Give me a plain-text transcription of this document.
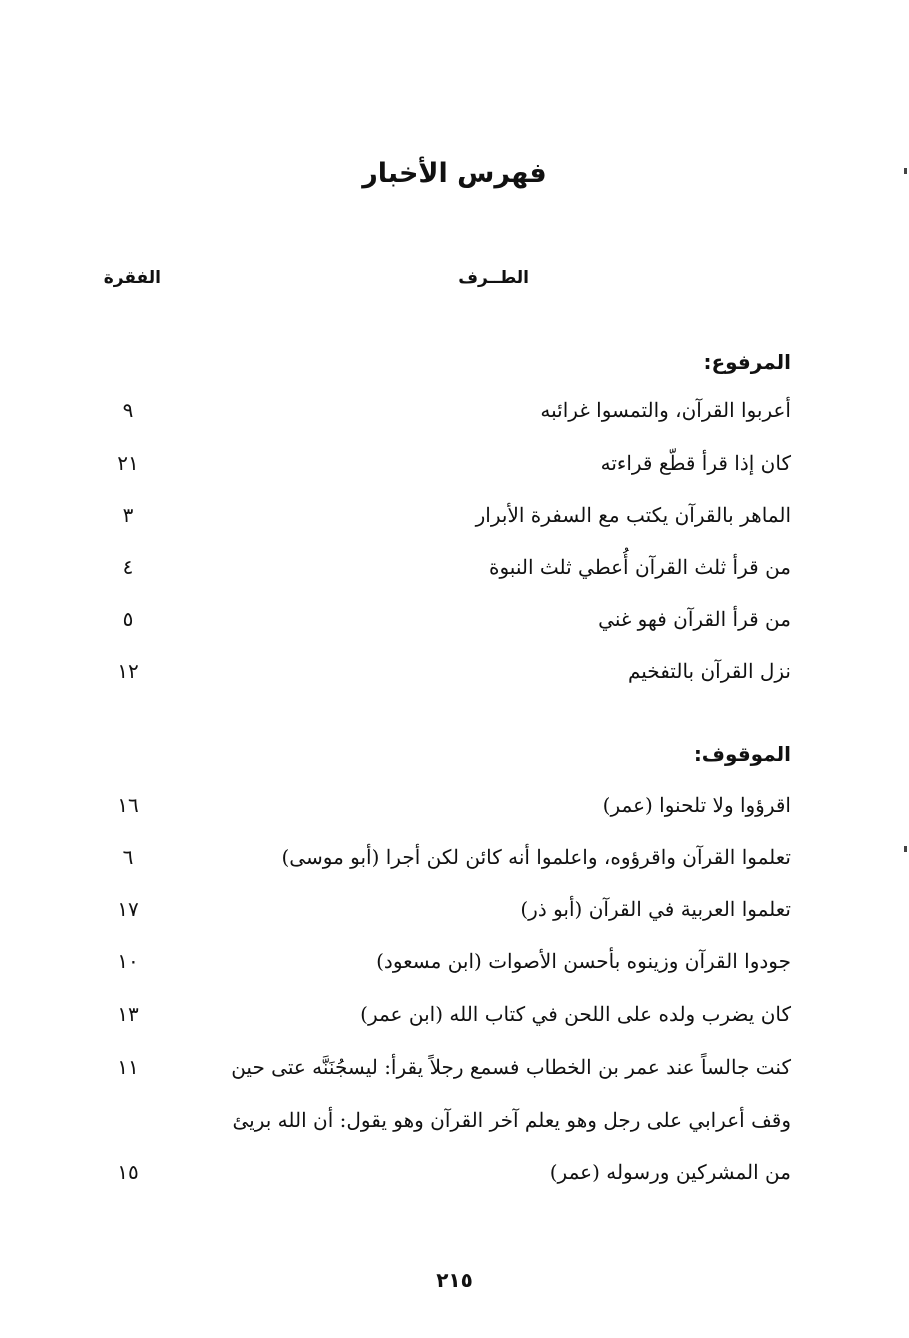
فهرس الأخبار
الطــرف
الفقرة
المرفوع:
أعربوا القرآن، والتمسوا غرائبه
٩
كان إذا قرأ قطّع قراءته
٢١
الماهر بالقرآن يكتب مع السفرة الأبرار
٣
من قرأ ثلث القرآن أُعطي ثلث النبوة
٤
من قرأ القرآن فهو غني
٥
نزل القرآن بالتفخيم
١٢
الموقوف:
اقرؤوا ولا تلحنوا (عمر)
١٦
تعلموا القرآن واقرؤوه، واعلموا أنه كائن لكن أجرا (أبو موسى)
٦
تعلموا العربية في القرآن (أبو ذر)
١٧
جودوا القرآن وزينوه بأحسن الأصوات (ابن مسعود)
١٠
كان يضرب ولده على اللحن في كتاب الله (ابن عمر)
١٣
كنت جالساً عند عمر بن الخطاب فسمع رجلاً يقرأ: ليسجُنَنَّه عتى حين
١١
وقف أعرابي على رجل وهو يعلم آخر القرآن وهو يقول: أن الله بريئ
من المشركين ورسوله (عمر)
١٥
٢١٥
